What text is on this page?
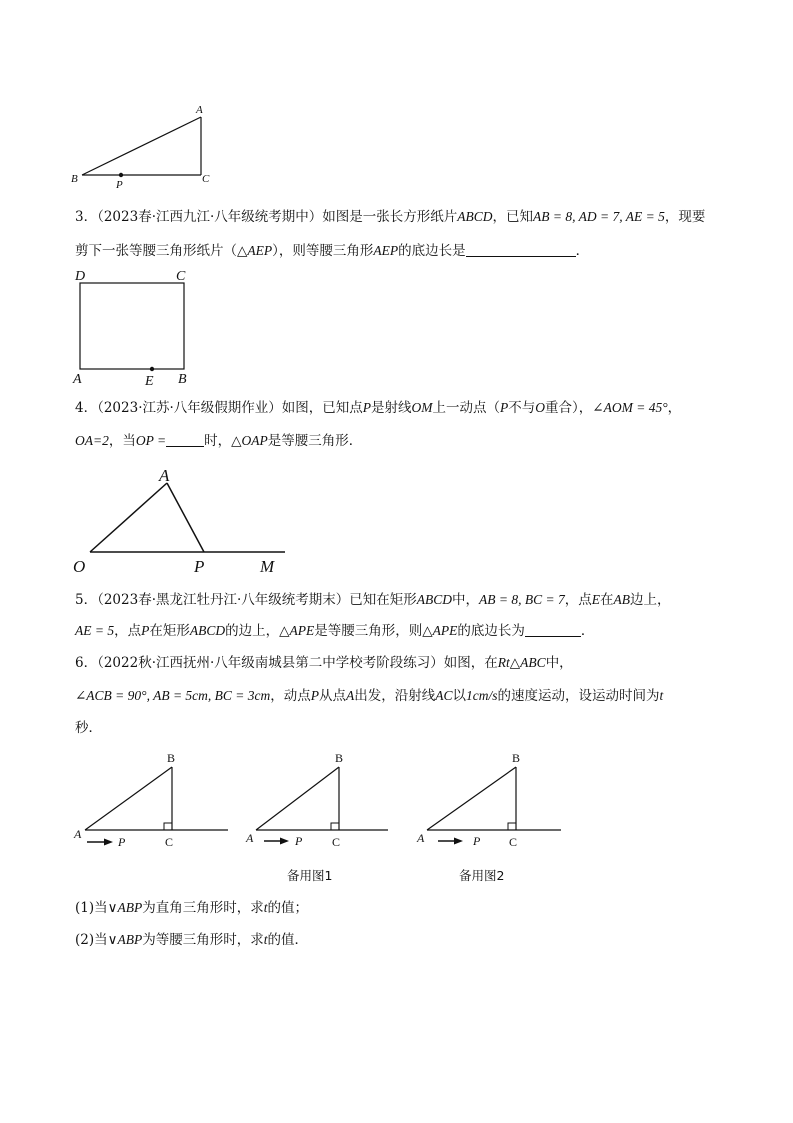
A
B	C
P
3．（2023春·江西九江·八年级统考期中）如图是一张长方形纸片ABCD，已知AB = 8, AD = 7, AE = 5，现要
剪下一张等腰三角形纸片（△AEP），则等腰三角形AEP的底边长是	．
D	C
A	E B
4．（2023·江苏·八年级假期作业）如图，已知点P是射线OM上一动点（P不与O重合），∠AOM = 45°，
OA=2，当OP =	时，△OAP是等腰三角形．
A
O	P	M
5．（2023春·黑龙江牡丹江·八年级统考期末）已知在矩形ABCD中，AB = 8, BC = 7，点E在AB边上，
AE = 5，点P在矩形ABCD的边上，△APE是等腰三角形，则△APE的底边长为	．
6．（2022秋·江西抚州·八年级南城县第二中学校考阶段练习）如图，在Rt△ABC中，
∠ACB = 90°, AB = 5cm, BC = 3cm，动点P从点A出发，沿射线AC以1cm/s的速度运动，设运动时间为t
秒．
B
A
C
P
B
A	C
P
B
A	C
P
备用图1	备用图2
(1)当∨ABP为直角三角形时，求t的值；
(2)当∨ABP为等腰三角形时，求t的值．
